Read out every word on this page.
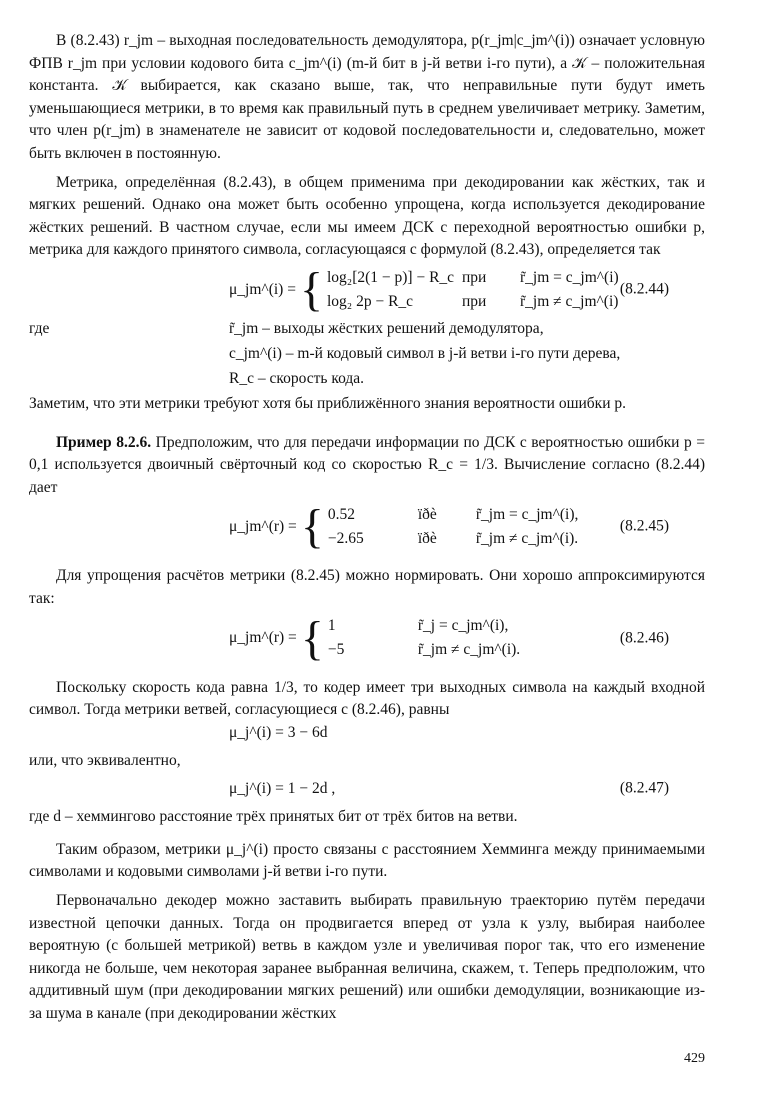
В (8.2.43) r_jm – выходная последовательность демодулятора, p(r_jm|c_jm^(i)) означает условную ФПВ r_jm при условии кодового бита c_jm^(i) (m-й бит в j-й ветви i-го пути), а 𝒦 – положительная константа. 𝒦 выбирается, как сказано выше, так, что неправильные пути будут иметь уменьшающиеся метрики, в то время как правильный путь в среднем увеличивает метрику. Заметим, что член p(r_jm) в знаменателе не зависит от кодовой последовательности и, следовательно, может быть включен в постоянную.

Метрика, определённая (8.2.43), в общем применима при декодировании как жёстких, так и мягких решений. Однако она может быть особенно упрощена, когда используется декодирование жёстких решений. В частном случае, если мы имеем ДСК с переходной вероятностью ошибки p, метрика для каждого принятого символа, согласующаяся с формулой (8.2.43), определяется так

μ_jm^(i) = { log₂[2(1 − p)] − R_c при	r̃_jm = c_jm^(i)
log₂ 2p − R_c	при	r̃_jm ≠ c_jm^(i)
(8.2.44)
где	r̃_jm – выходы жёстких решений демодулятора,
c_jm^(i) – m-й кодовый символ в j-й ветви i-го пути дерева,
R_c – скорость кода.

Заметим, что эти метрики требуют хотя бы приближённого знания вероятности ошибки p.

Пример 8.2.6. Предположим, что для передачи информации по ДСК с вероятностью ошибки p = 0,1 используется двоичный свёрточный код со скоростью R_c = 1/3. Вычисление согласно (8.2.44) дает

μ_jm^(r) = { 0.52	ïðè	r̃_jm = c_jm^(i),
−2.65	ïðè	r̃_jm ≠ c_jm^(i).
(8.2.45)

Для упрощения расчётов метрики (8.2.45) можно нормировать. Они хорошо аппроксимируются так:

μ_jm^(r) = { 1	r̃_j = c_jm^(i),
−5	r̃_jm ≠ c_jm^(i).
(8.2.46)

Поскольку скорость кода равна 1/3, то кодер имеет три выходных символа на каждый входной символ. Тогда метрики ветвей, согласующиеся с (8.2.46), равны

μ_j^(i) = 3 − 6d

или, что эквивалентно,

μ_j^(i) = 1 − 2d ,	(8.2.47)

где d – хеммингово расстояние трёх принятых бит от трёх битов на ветви.

Таким образом, метрики μ_j^(i) просто связаны с расстоянием Хемминга между принимаемыми символами и кодовыми символами j-й ветви i-го пути.

Первоначально декодер можно заставить выбирать правильную траекторию путём передачи известной цепочки данных. Тогда он продвигается вперед от узла к узлу, выбирая наиболее вероятную (с большей метрикой) ветвь в каждом узле и увеличивая порог так, что его изменение никогда не больше, чем некоторая заранее выбранная величина, скажем, τ. Теперь предположим, что аддитивный шум (при декодировании мягких решений) или ошибки демодуляции, возникающие из-за шума в канале (при декодировании жёстких

429
